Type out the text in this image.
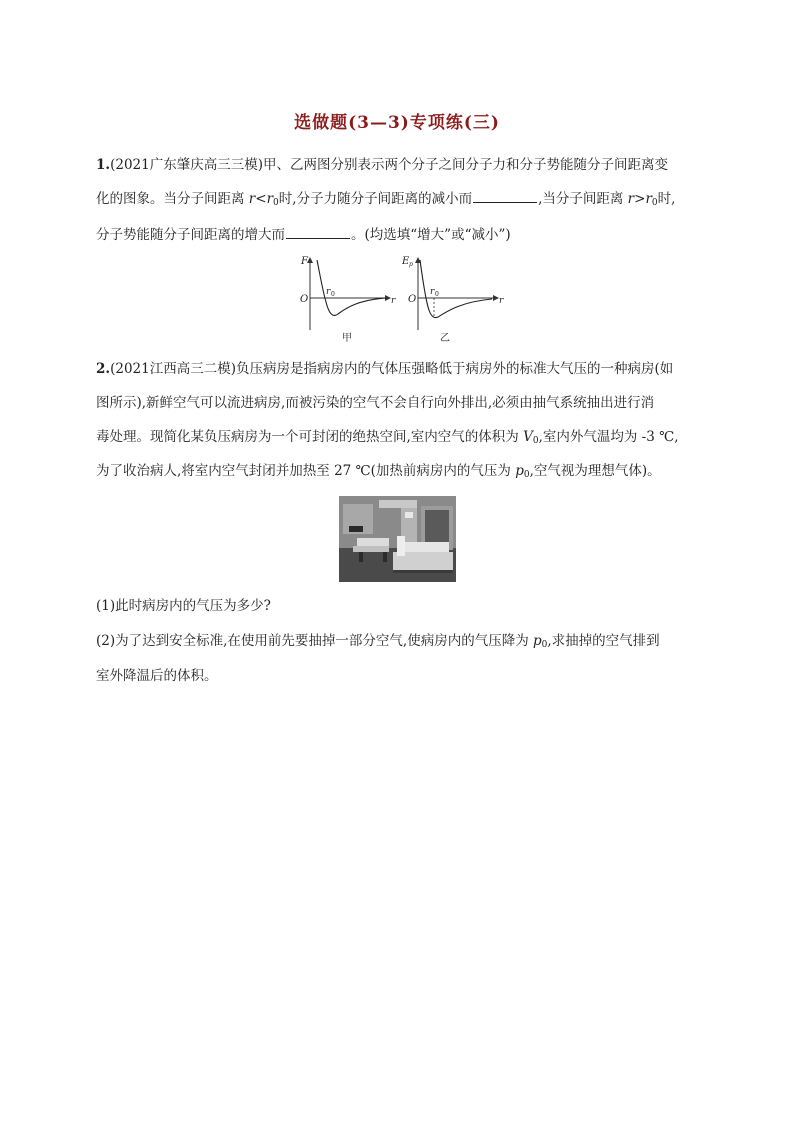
选做题(3—3)专项练(三)
1.(2021广东肇庆高三三模)甲、乙两图分别表示两个分子之间分子力和分子势能随分子间距离变
化的图象。当分子间距离 $r<r_0$时,分子力随分子间距离的减小而	,当分子间距离 $r>r_0$时,
分子势能随分子间距离的增大而	。(均选填“增大”或“减小”)
F
O	r
r 0
甲
E p
O	r
r 0
乙
2.(2021江西高三二模)负压病房是指病房内的气体压强略低于病房外的标准大气压的一种病房(如
图所示),新鲜空气可以流进病房,而被污染的空气不会自行向外排出,必须由抽气系统抽出进行消
毒处理。现简化某负压病房为一个可封闭的绝热空间,室内空气的体积为 $V_0$,室内外气温均为 -3 ℃,
为了收治病人,将室内空气封闭并加热至 27 ℃(加热前病房内的气压为 $p_0$,空气视为理想气体)。
(1)此时病房内的气压为多少?
(2)为了达到安全标准,在使用前先要抽掉一部分空气,使病房内的气压降为 $p_0$,求抽掉的空气排到
室外降温后的体积。
